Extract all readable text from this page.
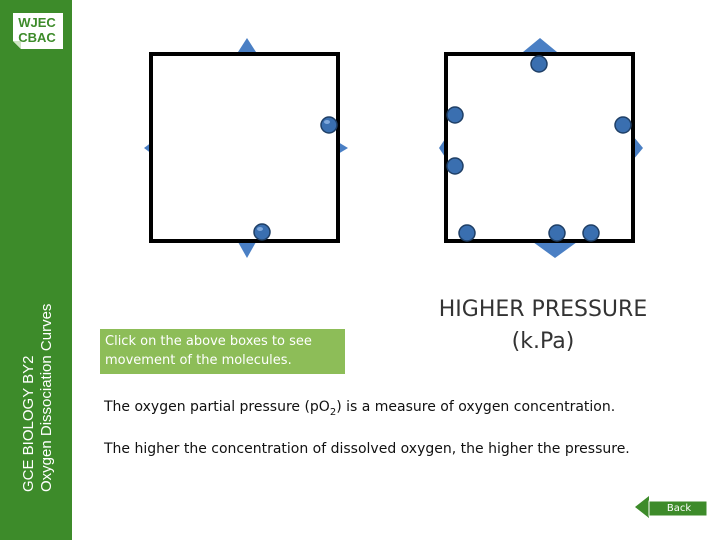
WJEC
CBAC
GCE BIOLOGY BY2 Oxygen Dissociation Curves	Click on the above boxes to see movement of the molecules.
HIGHER PRESSURE (k.Pa)
The oxygen partial pressure $(pO_2)$ is a measure of oxygen concentration.
The higher the concentration of dissolved oxygen, the higher the pressure.
Back
